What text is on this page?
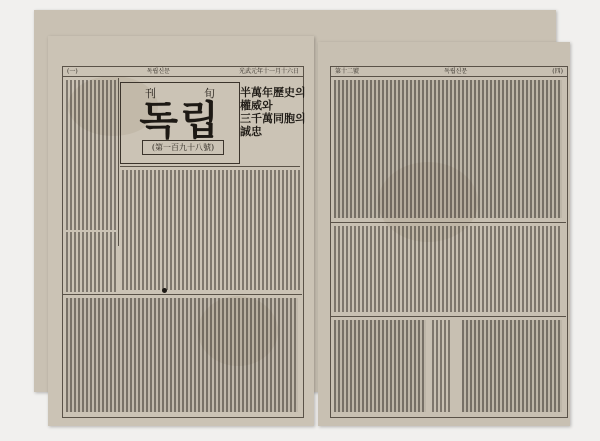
(一)	독립신문	光武元年十一月十六日
刊	旬
독립
(第一百九十八號)
半萬年歷史의
權威와
三千萬同胞의
誠忠
第十二號	독립신문	(四)
